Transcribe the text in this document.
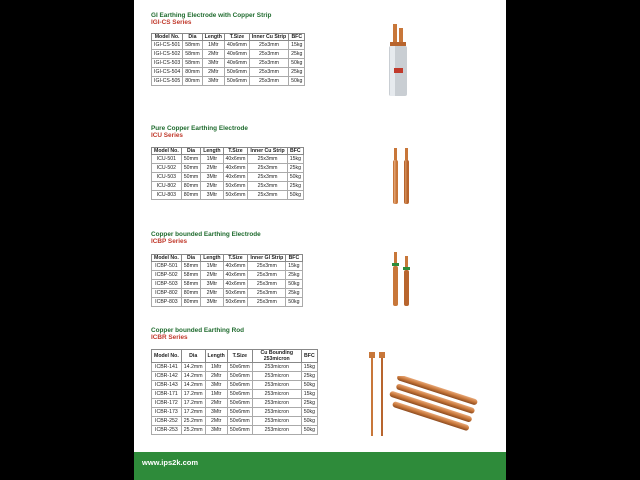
GI Earthing Electrode with Copper Strip
IGI-CS Series
Model No.	Dia	Length	T.Size	Inner Cu Strip	BFC
IGI-CS-501	58mm	1Mtr	40x6mm	25x3mm	15kg
IGI-CS-502	58mm	2Mtr	40x6mm	25x3mm	25kg
IGI-CS-503	58mm	3Mtr	40x6mm	25x3mm	50kg
IGI-CS-504	80mm	2Mtr	50x6mm	25x3mm	25kg
IGI-CS-505	80mm	3Mtr	50x6mm	25x3mm	50kg
Pure Copper Earthing Electrode
ICU Series
Model No.	Dia	Length	T.Size	Inner Cu Strip	BFC
ICU-501	50mm	1Mtr	40x6mm	25x3mm	15kg
ICU-502	50mm	2Mtr	40x6mm	25x3mm	25kg
ICU-503	50mm	3Mtr	40x6mm	25x3mm	50kg
ICU-802	80mm	2Mtr	50x6mm	25x3mm	25kg
ICU-803	80mm	3Mtr	50x6mm	25x3mm	50kg
Copper bounded Earthing Electrode
ICBP Series
Model No.	Dia	Length	T.Size	Inner GI Strip	BFC
ICBP-501	58mm	1Mtr	40x6mm	25x3mm	15kg
ICBP-502	58mm	2Mtr	40x6mm	25x3mm	25kg
ICBP-503	58mm	3Mtr	40x6mm	25x3mm	50kg
ICBP-802	80mm	2Mtr	50x6mm	25x3mm	25kg
ICBP-803	80mm	3Mtr	50x6mm	25x3mm	50kg
Copper bounded Earthing Rod
ICBR Series
Model No.	Dia	Length	T.Size	Cu Bounding 253micron	BFC
ICBR-141	14.2mm	1Mtr	50x6mm	253micron	15kg
ICBR-142	14.2mm	2Mtr	50x6mm	253micron	25kg
ICBR-143	14.2mm	3Mtr	50x6mm	253micron	50kg
ICBR-171	17.2mm	1Mtr	50x6mm	253micron	15kg
ICBR-172	17.2mm	2Mtr	50x6mm	253micron	25kg
ICBR-173	17.2mm	3Mtr	50x6mm	253micron	50kg
ICBR-252	25.2mm	2Mtr	50x6mm	253micron	50kg
ICBR-253	25.2mm	3Mtr	50x6mm	253micron	50kg
www.ips2k.com
